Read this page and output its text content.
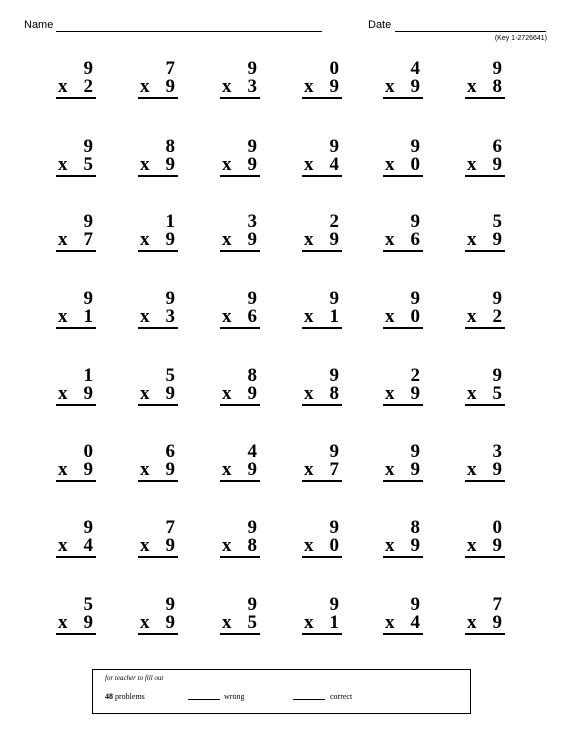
Name	Date
(Key 1-2726641)
9
x 2
7
x 9
9
x 3
0
x 9
4
x 9
9
x 8
9
x 5
8
x 9
9
x 9
9
x 4
9
x 0
6
x 9
9
x 7
1
x 9
3
x 9
2
x 9
9
x 6
5
x 9
9
x 1
9
x 3
9
x 6
9
x 1
9
x 0
9
x 2
1
x 9
5
x 9
8
x 9
9
x 8
2
x 9
9
x 5
0
x 9
6
x 9
4
x 9
9
x 7
9
x 9
3
x 9
9
x 4
7
x 9
9
x 8
9
x 0
8
x 9
0
x 9
5
x 9
9
x 9
9
x 5
9
x 1
9
x 4
7
x 9
for teacher to fill out
48 problems	wrong	correct
